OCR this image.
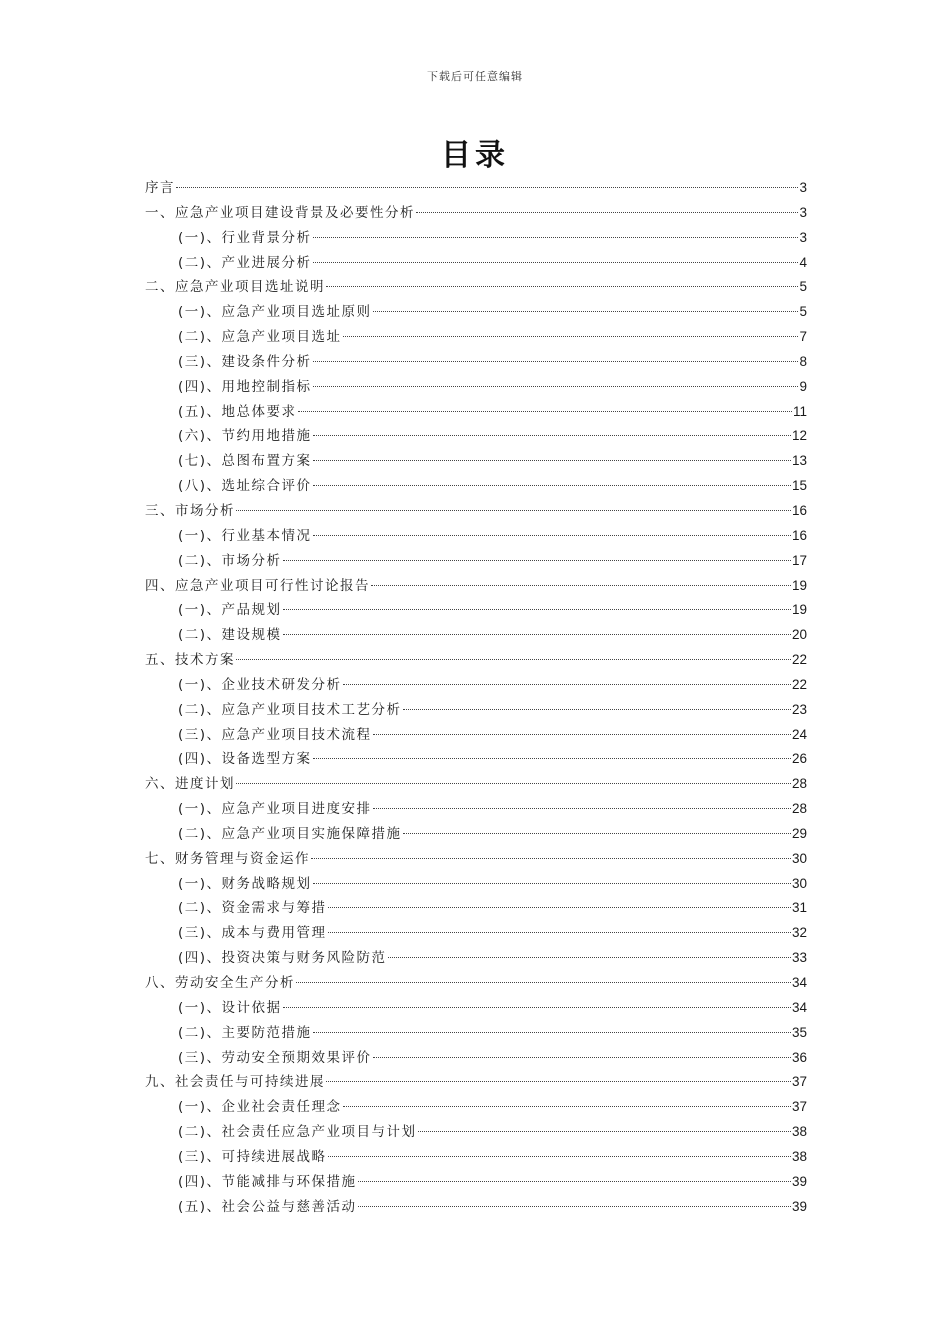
下载后可任意编辑
目录
序言	3
一、应急产业项目建设背景及必要性分析	3
(一)、行业背景分析	3
(二)、产业进展分析	4
二、应急产业项目选址说明	5
(一)、应急产业项目选址原则	5
(二)、应急产业项目选址	7
(三)、建设条件分析	8
(四)、用地控制指标	9
(五)、地总体要求	11
(六)、节约用地措施	12
(七)、总图布置方案	13
(八)、选址综合评价	15
三、市场分析	16
(一)、行业基本情况	16
(二)、市场分析	17
四、应急产业项目可行性讨论报告	19
(一)、产品规划	19
(二)、建设规模	20
五、技术方案	22
(一)、企业技术研发分析	22
(二)、应急产业项目技术工艺分析	23
(三)、应急产业项目技术流程	24
(四)、设备选型方案	26
六、进度计划	28
(一)、应急产业项目进度安排	28
(二)、应急产业项目实施保障措施	29
七、财务管理与资金运作	30
(一)、财务战略规划	30
(二)、资金需求与筹措	31
(三)、成本与费用管理	32
(四)、投资决策与财务风险防范	33
八、劳动安全生产分析	34
(一)、设计依据	34
(二)、主要防范措施	35
(三)、劳动安全预期效果评价	36
九、社会责任与可持续进展	37
(一)、企业社会责任理念	37
(二)、社会责任应急产业项目与计划	38
(三)、可持续进展战略	38
(四)、节能减排与环保措施	39
(五)、社会公益与慈善活动	39
